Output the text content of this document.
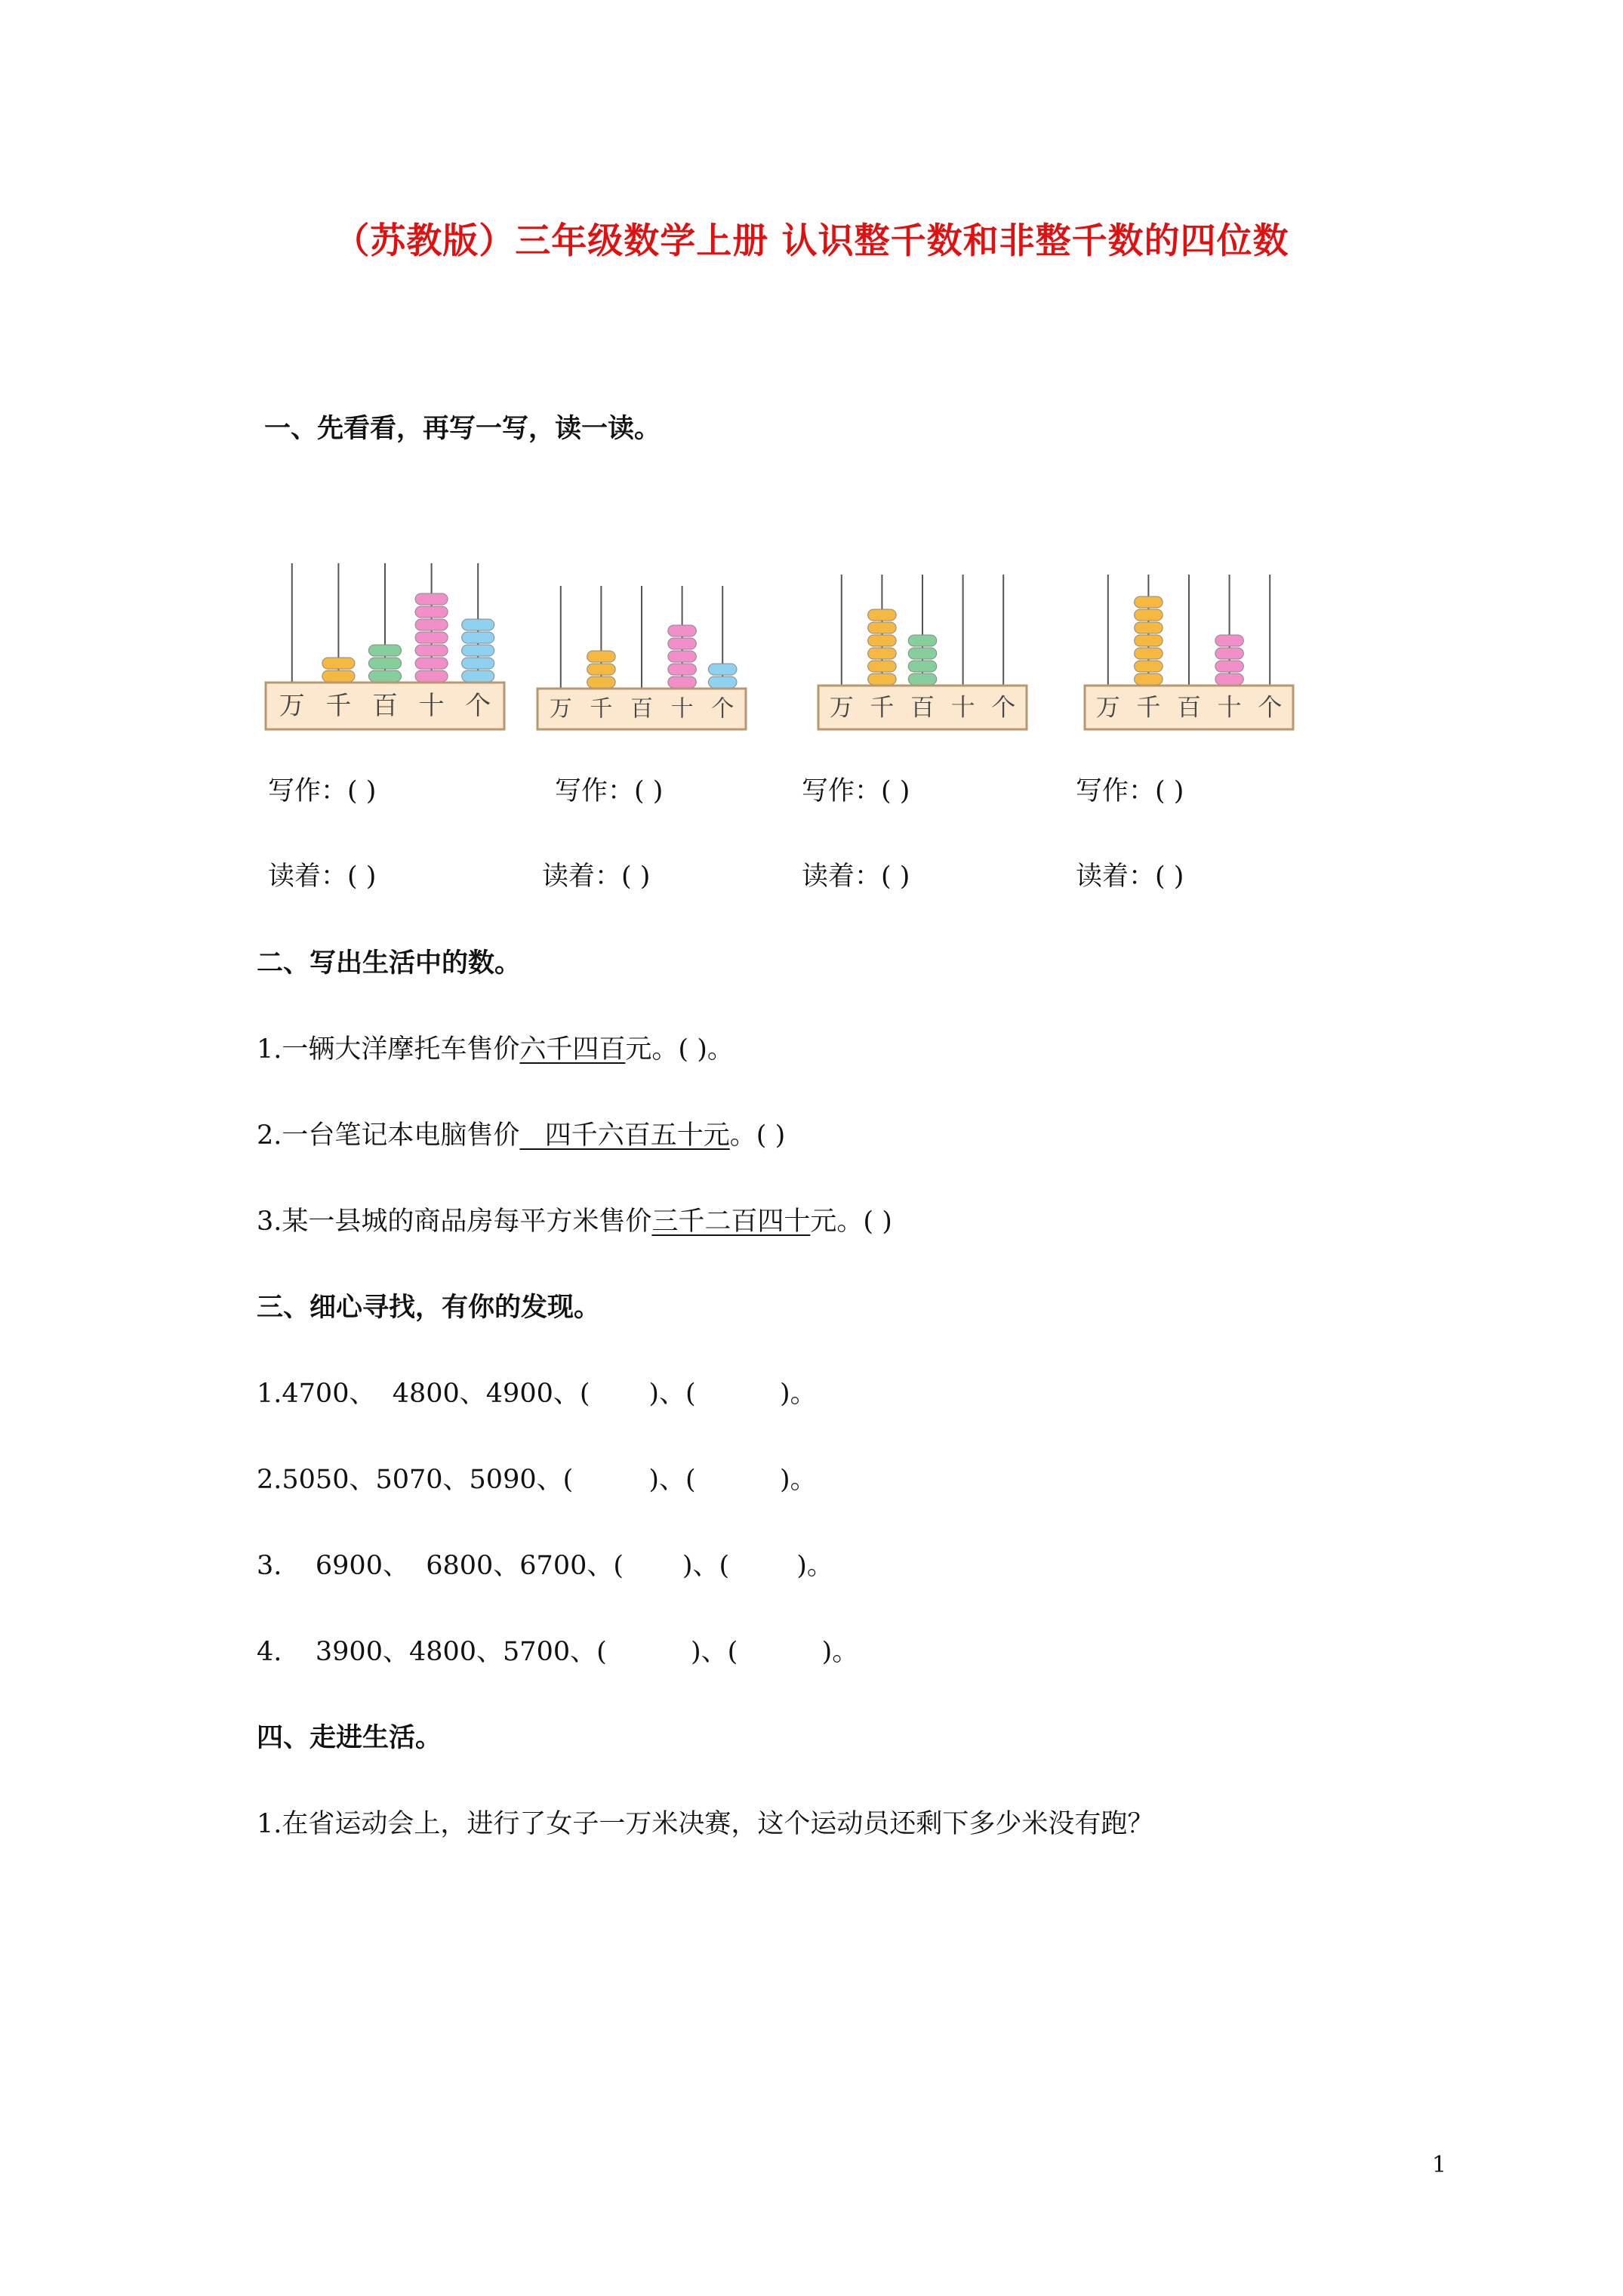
（苏教版）三年级数学上册 认识整千数和非整千数的四位数
一、先看看，再写一写，读一读。
万 千 百 十 个	万 千 百 十 个	万 千 百 十 个	万 千 百 十 个
写作：( )	写作：( )	写作：( )	写作：( )
读着：( )	读着：( )	读着：( )	读着：( )
二、写出生活中的数。
1.一辆大洋摩托车售价六千四百元。( )。
2.一台笔记本电脑售价   四千六百五十元。( )
3.某一县城的商品房每平方米售价三千二百四十元。( )
三、细心寻找，有你的发现。
1.4700、  4800、4900、(       )、(          )。
2.5050、5070、5090、(         )、(          )。
3.    6900、  6800、6700、(       )、(        )。
4.    3900、4800、5700、(          )、(          )。
四、走进生活。
1.在省运动会上，进行了女子一万米决赛，这个运动员还剩下多少米没有跑？
1
